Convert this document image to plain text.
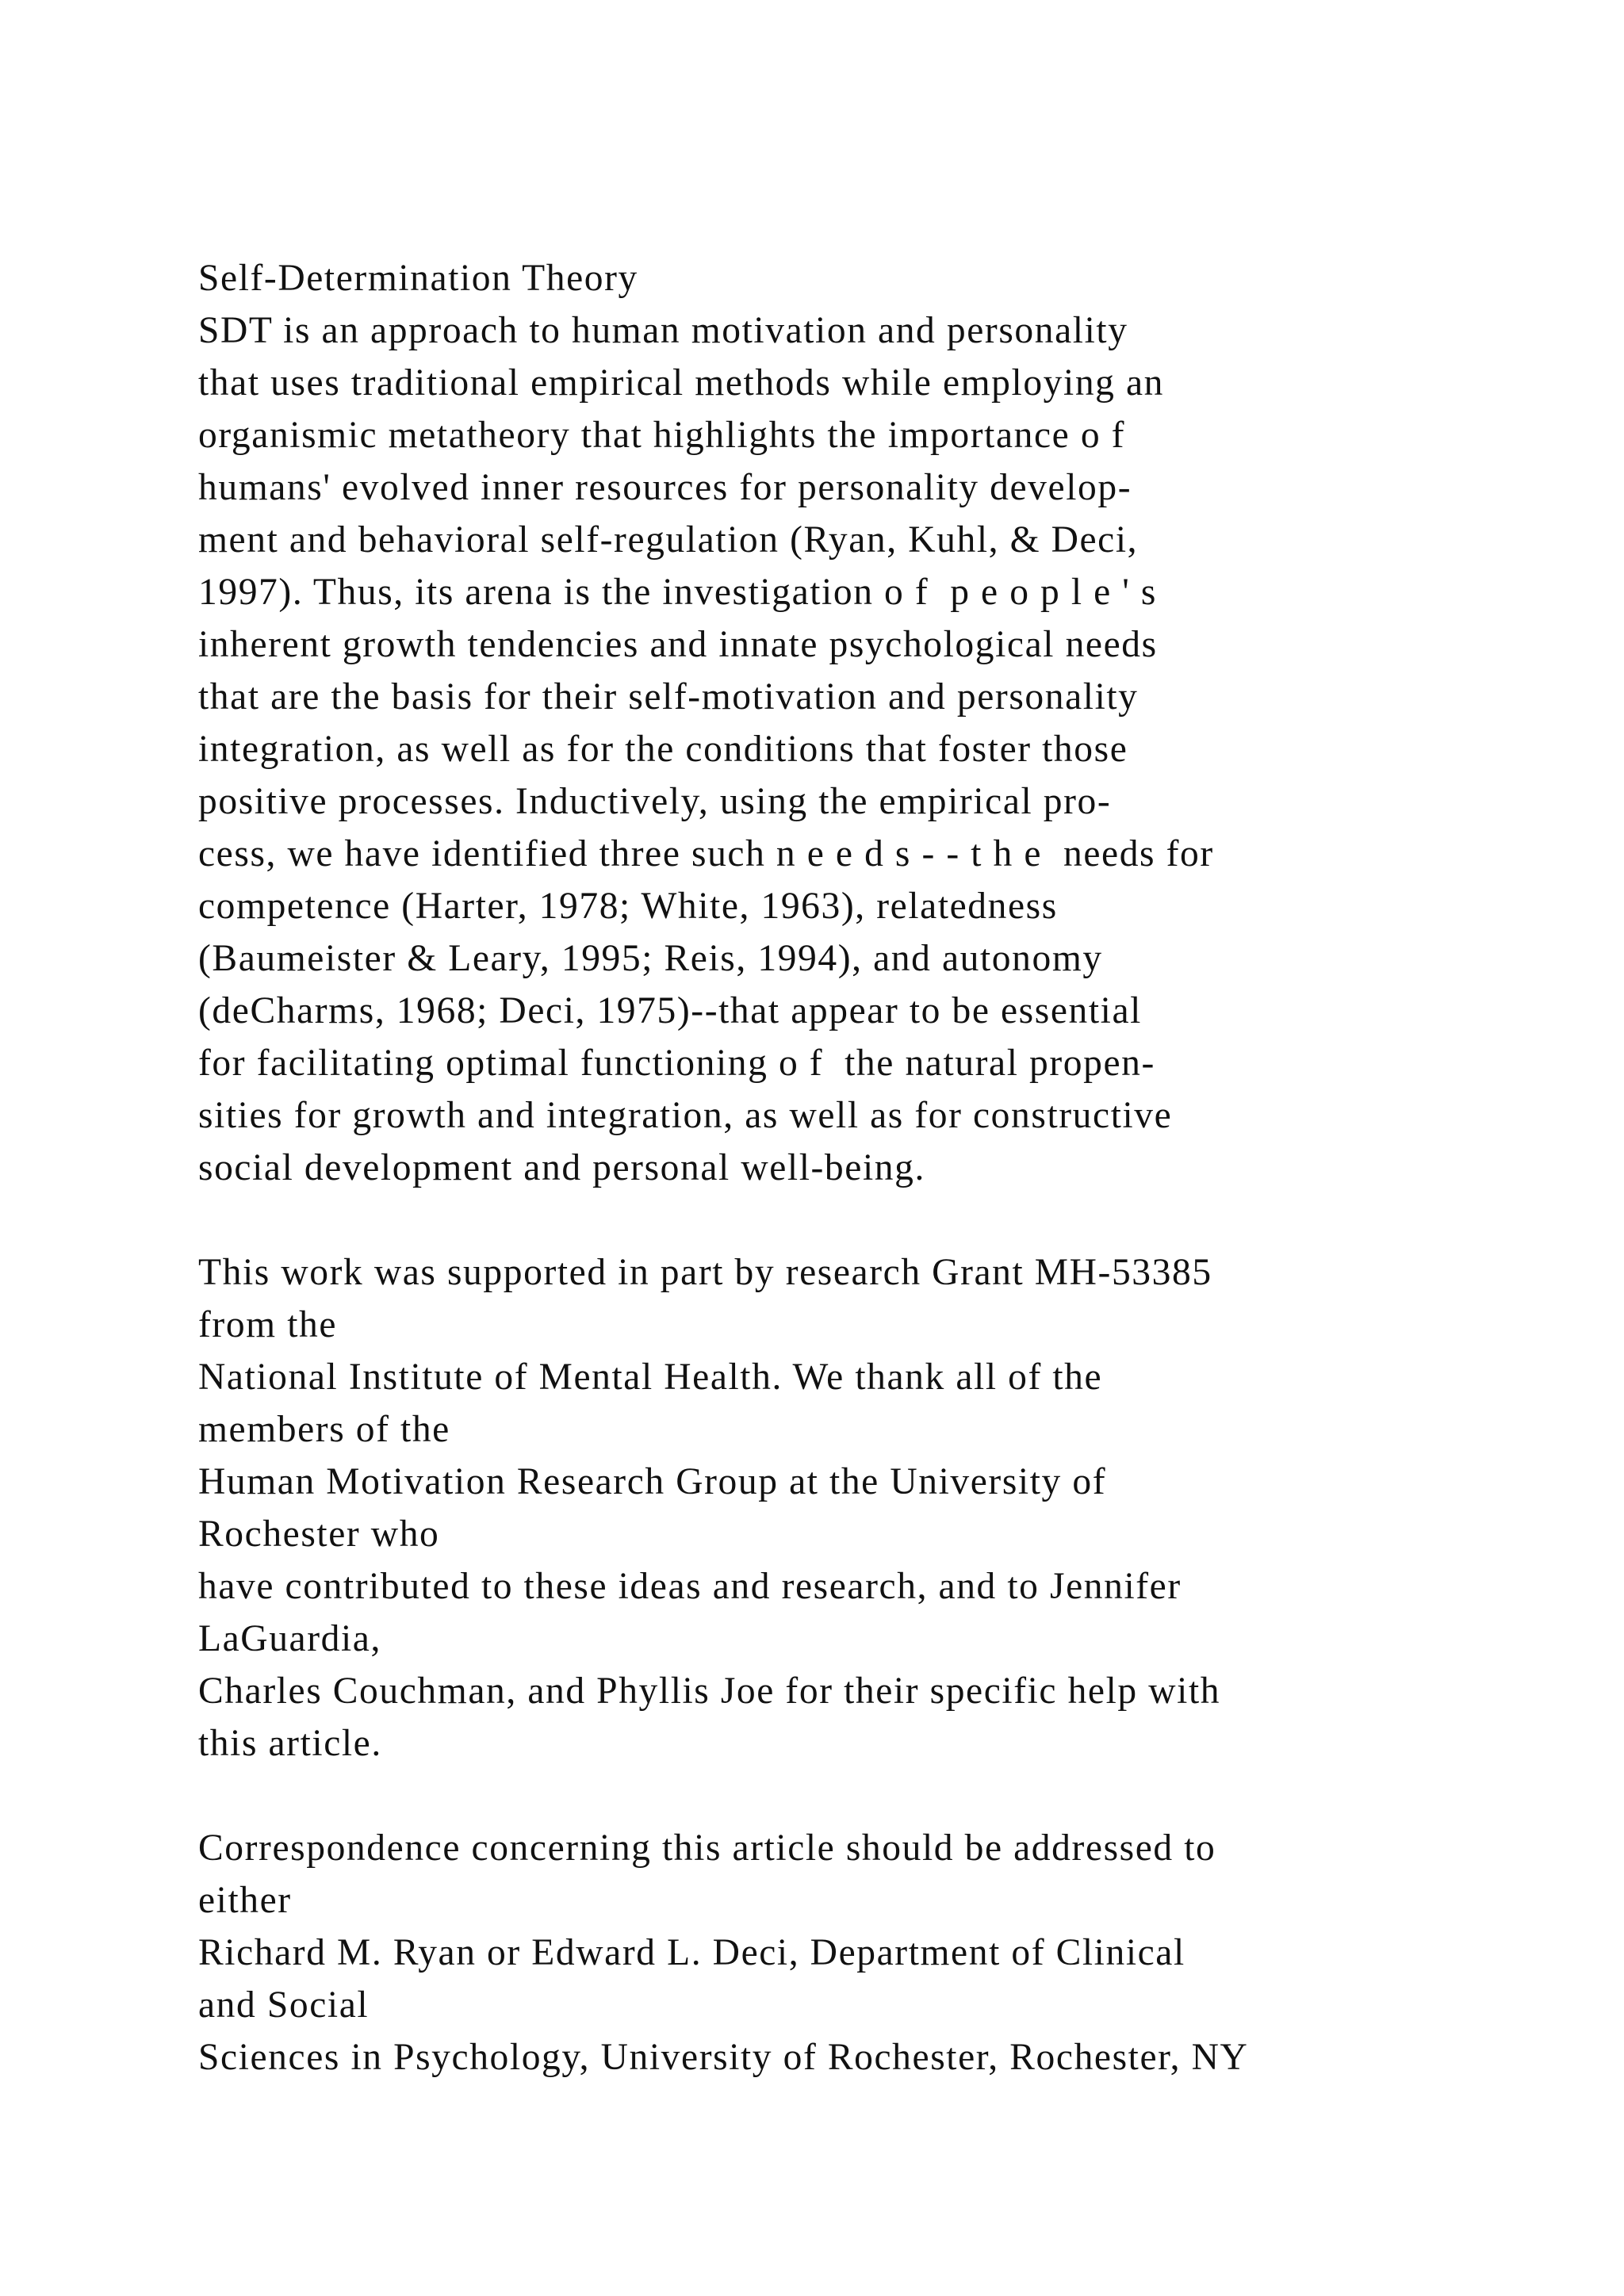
Self-Determination Theory
SDT is an approach to human motivation and personality
that uses traditional empirical methods while employing an
organismic metatheory that highlights the importance o f
humans' evolved inner resources for personality develop-
ment and behavioral self-regulation (Ryan, Kuhl, & Deci,
1997). Thus, its arena is the investigation o f  p e o p l e ' s
inherent growth tendencies and innate psychological needs
that are the basis for their self-motivation and personality
integration, as well as for the conditions that foster those
positive processes. Inductively, using the empirical pro-
cess, we have identified three such n e e d s - - t h e  needs for
competence (Harter, 1978; White, 1963), relatedness
(Baumeister & Leary, 1995; Reis, 1994), and autonomy
(deCharms, 1968; Deci, 1975)--that appear to be essential
for facilitating optimal functioning o f  the natural propen-
sities for growth and integration, as well as for constructive
social development and personal well-being.
This work was supported in part by research Grant MH-53385
from the
National Institute of Mental Health. We thank all of the
members of the
Human Motivation Research Group at the University of
Rochester who
have contributed to these ideas and research, and to Jennifer
LaGuardia,
Charles Couchman, and Phyllis Joe for their specific help with
this article.
Correspondence concerning this article should be addressed to
either
Richard M. Ryan or Edward L. Deci, Department of Clinical
and Social
Sciences in Psychology, University of Rochester, Rochester, NY
